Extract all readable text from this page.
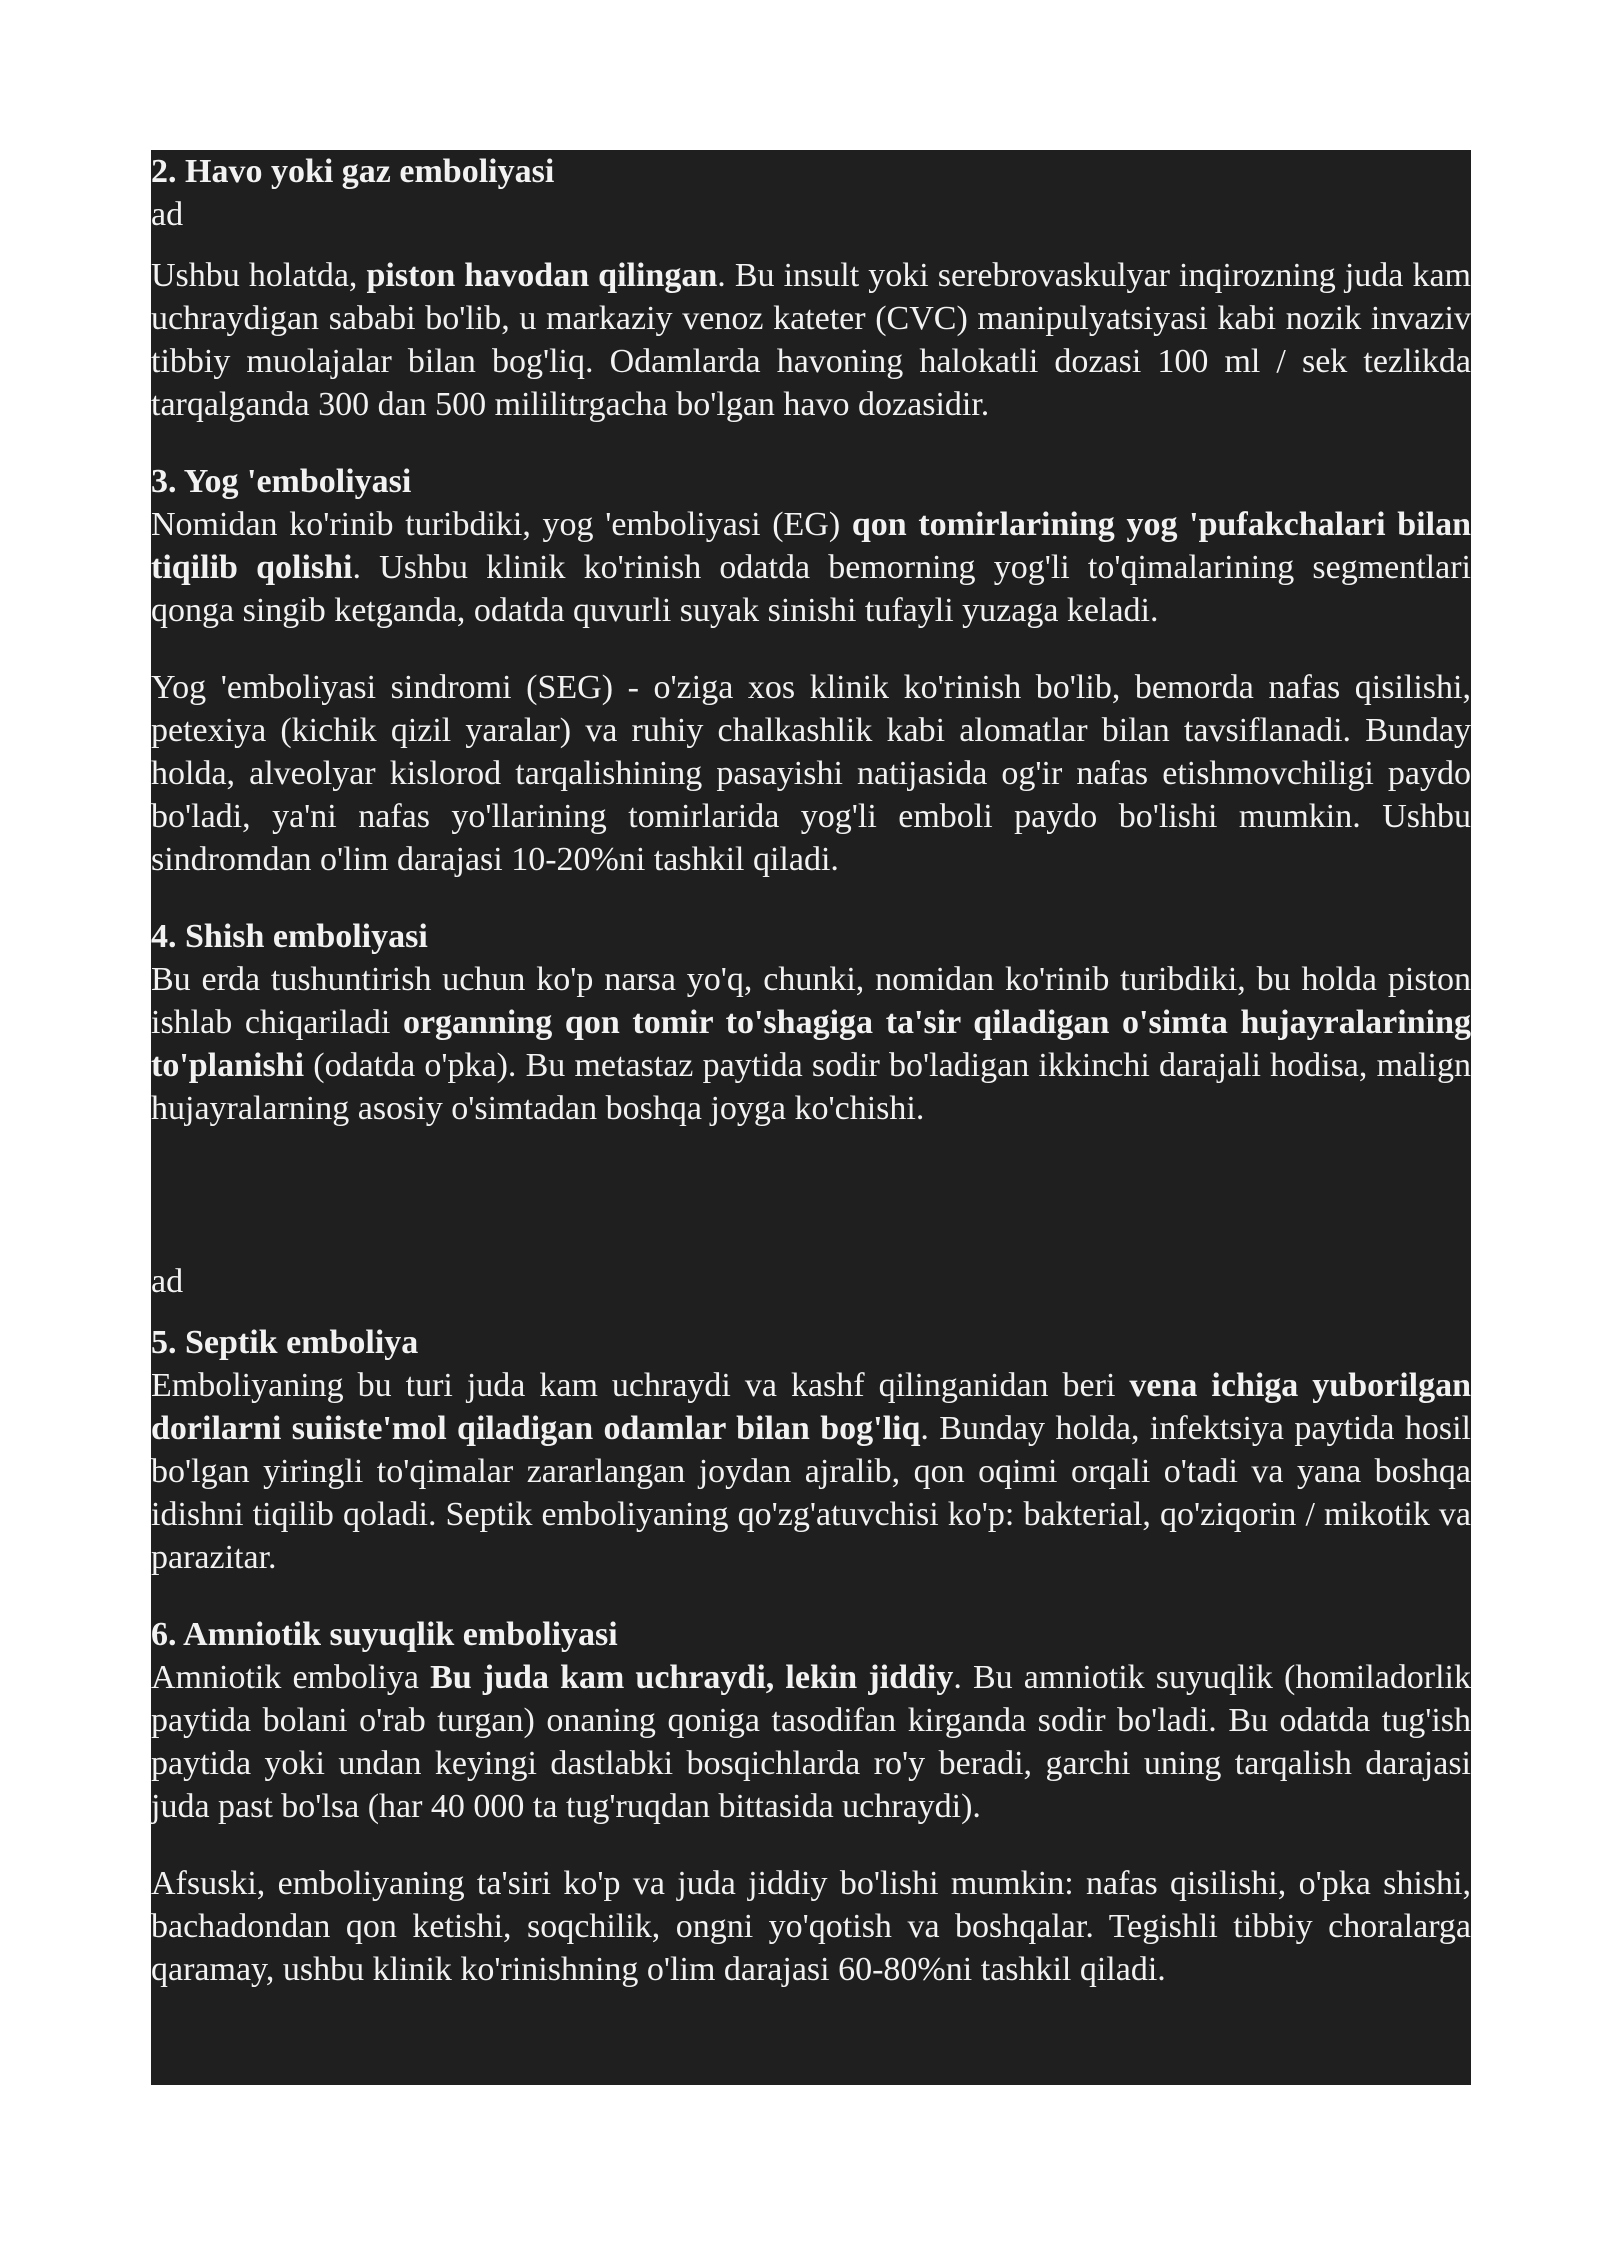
2. Havo yoki gaz emboliyasi
ad

Ushbu holatda, piston havodan qilingan. Bu insult yoki serebrovaskulyar inqirozning juda kam uchraydigan sababi bo'lib, u markaziy venoz kateter (CVC) manipulyatsiyasi kabi nozik invaziv tibbiy muolajalar bilan bog'liq. Odamlarda havoning halokatli dozasi 100 ml / sek tezlikda tarqalganda 300 dan 500 mililitrgacha bo'lgan havo dozasidir.

3. Yog 'emboliyasi

Nomidan ko'rinib turibdiki, yog 'emboliyasi (EG) qon tomirlarining yog 'pufakchalari bilan tiqilib qolishi. Ushbu klinik ko'rinish odatda bemorning yog'li to'qimalarining segmentlari qonga singib ketganda, odatda quvurli suyak sinishi tufayli yuzaga keladi.

Yog 'emboliyasi sindromi (SEG) - o'ziga xos klinik ko'rinish bo'lib, bemorda nafas qisilishi, petexiya (kichik qizil yaralar) va ruhiy chalkashlik kabi alomatlar bilan tavsiflanadi. Bunday holda, alveolyar kislorod tarqalishining pasayishi natijasida og'ir nafas etishmovchiligi paydo bo'ladi, ya'ni nafas yo'llarining tomirlarida yog'li emboli paydo bo'lishi mumkin. Ushbu sindromdan o'lim darajasi 10-20%ni tashkil qiladi.

4. Shish emboliyasi

Bu erda tushuntirish uchun ko'p narsa yo'q, chunki, nomidan ko'rinib turibdiki, bu holda piston ishlab chiqariladi organning qon tomir to'shagiga ta'sir qiladigan o'simta hujayralarining to'planishi (odatda o'pka). Bu metastaz paytida sodir bo'ladigan ikkinchi darajali hodisa, malign hujayralarning asosiy o'simtadan boshqa joyga ko'chishi.

ad
5. Septik emboliya

Emboliyaning bu turi juda kam uchraydi va kashf qilinganidan beri vena ichiga yuborilgan dorilarni suiiste'mol qiladigan odamlar bilan bog'liq. Bunday holda, infektsiya paytida hosil bo'lgan yiringli to'qimalar zararlangan joydan ajralib, qon oqimi orqali o'tadi va yana boshqa idishni tiqilib qoladi. Septik emboliyaning qo'zg'atuvchisi ko'p: bakterial, qo'ziqorin / mikotik va parazitar.

6. Amniotik suyuqlik emboliyasi

Amniotik emboliya Bu juda kam uchraydi, lekin jiddiy. Bu amniotik suyuqlik (homiladorlik paytida bolani o'rab turgan) onaning qoniga tasodifan kirganda sodir bo'ladi. Bu odatda tug'ish paytida yoki undan keyingi dastlabki bosqichlarda ro'y beradi, garchi uning tarqalish darajasi juda past bo'lsa (har 40 000 ta tug'ruqdan bittasida uchraydi).

Afsuski, emboliyaning ta'siri ko'p va juda jiddiy bo'lishi mumkin: nafas qisilishi, o'pka shishi, bachadondan qon ketishi, soqchilik, ongni yo'qotish va boshqalar. Tegishli tibbiy choralarga qaramay, ushbu klinik ko'rinishning o'lim darajasi 60-80%ni tashkil qiladi.
